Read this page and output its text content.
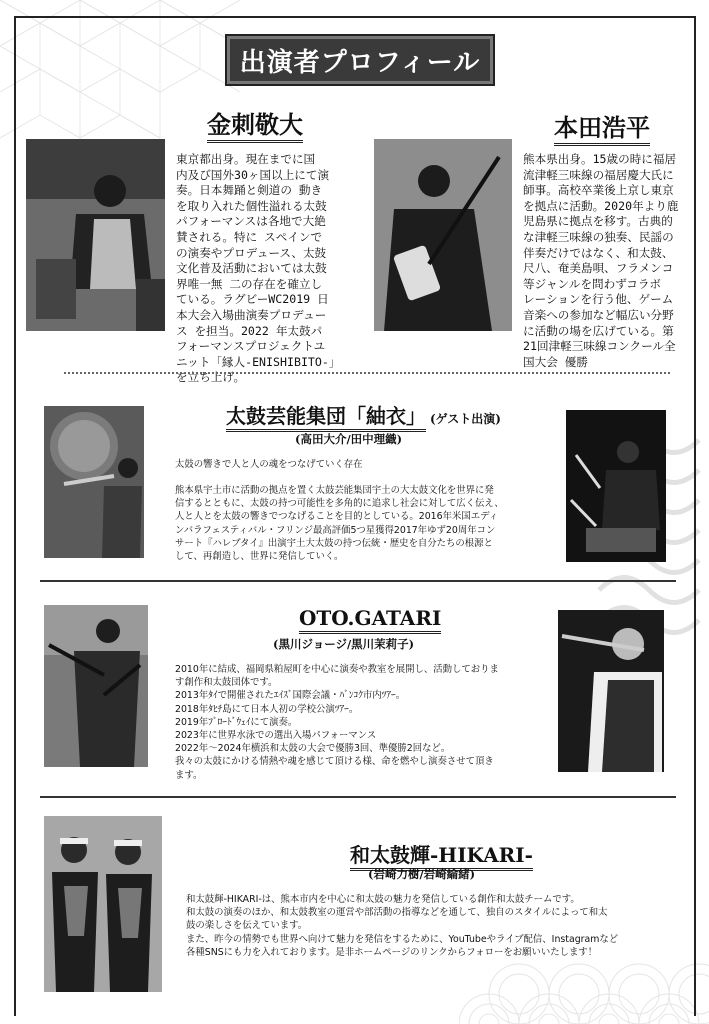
出演者プロフィール
金刺敬大
東京都出身。現在までに国
内及び国外30ヶ国以上にて演
奏。日本舞踊と剣道の 動き
を取り入れた個性溢れる太鼓
パフォーマンスは各地で大絶
賛される。特に スペインで
の演奏やプロデュース、太鼓
文化普及活動においては太鼓
界唯一無 二の存在を確立し
ている。ラグビーWC2019 日
本大会入場曲演奏プロデュー
ス を担当。2022 年太鼓パ
フォーマンスプロジェクトユ
ニット「縁人-ENISHIBITO-」
を立ち上げ。
本田浩平
熊本県出身。15歳の時に福居
流津軽三味線の福居慶大氏に
師事。高校卒業後上京し東京
を拠点に活動。2020年より鹿
児島県に拠点を移す。古典的
な津軽三味線の独奏、民謡の
伴奏だけではなく、和太鼓、
尺八、奄美島唄、フラメンコ
等ジャンルを問わずコラボ
レーションを行う他、ゲーム
音楽への参加など幅広い分野
に活動の場を広げている。第
21回津軽三味線コンクール全
国大会 優勝
太鼓芸能集団「紬衣」 (ゲスト出演)
(高田大介/田中理織)
太鼓の響きで人と人の魂をつなげていく存在
熊本県宇土市に活動の拠点を置く太鼓芸能集団宇土の大太鼓文化を世界に発
信するとともに、太鼓の持つ可能性を多角的に追求し社会に対して広く伝え、
人と人とを太鼓の響きでつなげることを目的としている。2016年米国エディ
ンバラフェスティバル・フリンジ最高評価5つ星獲得2017年ゆず20周年コン
サート『ハレブタイ』出演宇土大太鼓の持つ伝統・歴史を自分たちの根源と
して、再創造し、世界に発信していく。
OTO.GATARI
(黒川ジョージ/黒川茉莉子)
2010年に結成、福岡県粕屋町を中心に演奏や教室を展開し、活動しておりま
す創作和太鼓団体です。
2013年ﾀｲで開催されたｴｲｽﾞ国際会議・ﾊﾞﾝｺｸ市内ﾂｱｰ。
2018年ﾀﾋﾁ島にて日本人初の学校公演ﾂｱｰ。
2019年ﾌﾞﾛｰﾄﾞｳｪｲにて演奏。
2023年に世界水泳での選出入場パフォーマンス
2022年～2024年横浜和太鼓の大会で優勝3回、準優勝2回など。
我々の太鼓にかける情熱や魂を感じて頂ける様、命を燃やし演奏させて頂き
ます。
和太鼓輝-HIKARI-
(岩崎力樹/岩崎綸緒)
和太鼓輝-HIKARI-は、熊本市内を中心に和太鼓の魅力を発信している創作和太鼓チームです。
和太鼓の演奏のほか、和太鼓教室の運営や部活動の指導などを通して、独自のスタイルによって和太
鼓の楽しさを伝えています。
また、昨今の情勢でも世界へ向けて魅力を発信をするために、YouTubeやライブ配信、Instagramなど
各種SNSにも力を入れております。是非ホームページのリンクからフォローをお願いいたします！
